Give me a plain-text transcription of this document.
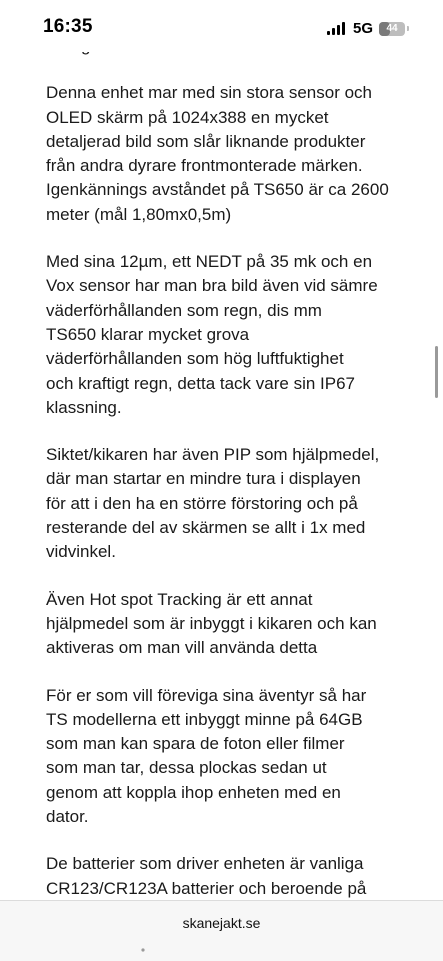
Denna enhet mar med sin stora sensor och
OLED skärm på 1024x388 en mycket
detaljerad bild som slår liknande produkter
från andra dyrare frontmonterade märken.
Igenkännings avståndet på TS650 är ca 2600
meter (mål 1,80mx0,5m)

Med sina 12µm, ett NEDT på 35 mk och en
Vox sensor har man bra bild även vid sämre
väderförhållanden som regn, dis mm
TS650 klarar mycket grova
väderförhållanden som hög luftfuktighet
och kraftigt regn, detta tack vare sin IP67
klassning.

Siktet/kikaren har även PIP som hjälpmedel,
där man startar en mindre tura i displayen
för att i den ha en större förstoring och på
resterande del av skärmen se allt i 1x med
vidvinkel.

Även Hot spot Tracking är ett annat
hjälpmedel som är inbyggt i kikaren och kan
aktiveras om man vill använda detta

För er som vill föreviga sina äventyr så har
TS modellerna ett inbyggt minne på 64GB
som man kan spara de foton eller filmer
som man tar, dessa plockas sedan ut
genom att koppla ihop enheten med en
dator.

De batterier som driver enheten är vanliga
CR123/CR123A batterier och beroende på

16:35	5G 44
skanejakt.se
